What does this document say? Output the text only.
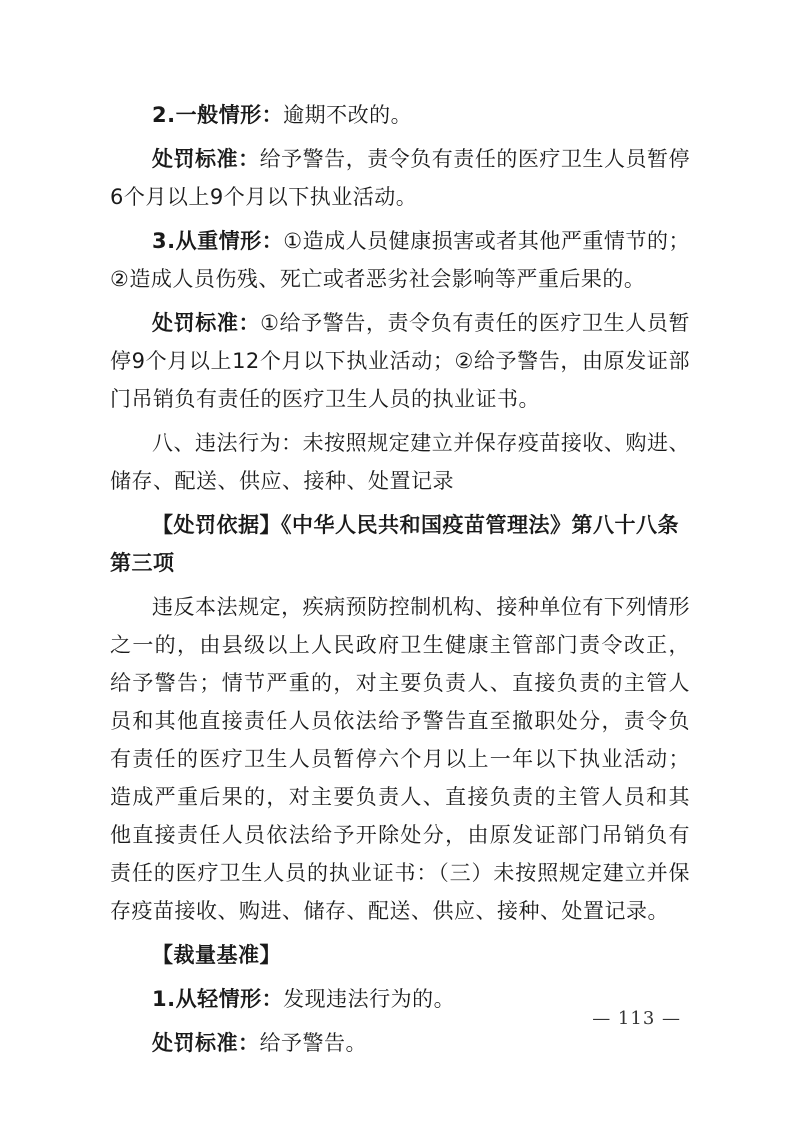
2.一般情形：逾期不改的。

处罚标准：给予警告，责令负有责任的医疗卫生人员暂停6个月以上9个月以下执业活动。

3.从重情形：①造成人员健康损害或者其他严重情节的；②造成人员伤残、死亡或者恶劣社会影响等严重后果的。

处罚标准：①给予警告，责令负有责任的医疗卫生人员暂停9个月以上12个月以下执业活动；②给予警告，由原发证部门吊销负有责任的医疗卫生人员的执业证书。

八、违法行为：未按照规定建立并保存疫苗接收、购进、储存、配送、供应、接种、处置记录

【处罚依据】《中华人民共和国疫苗管理法》第八十八条第三项

违反本法规定，疾病预防控制机构、接种单位有下列情形之一的，由县级以上人民政府卫生健康主管部门责令改正，给予警告；情节严重的，对主要负责人、直接负责的主管人员和其他直接责任人员依法给予警告直至撤职处分，责令负有责任的医疗卫生人员暂停六个月以上一年以下执业活动；造成严重后果的，对主要负责人、直接负责的主管人员和其他直接责任人员依法给予开除处分，由原发证部门吊销负有责任的医疗卫生人员的执业证书：（三）未按照规定建立并保存疫苗接收、购进、储存、配送、供应、接种、处置记录。

【裁量基准】

1.从轻情形：发现违法行为的。

处罚标准：给予警告。

— 113 —
